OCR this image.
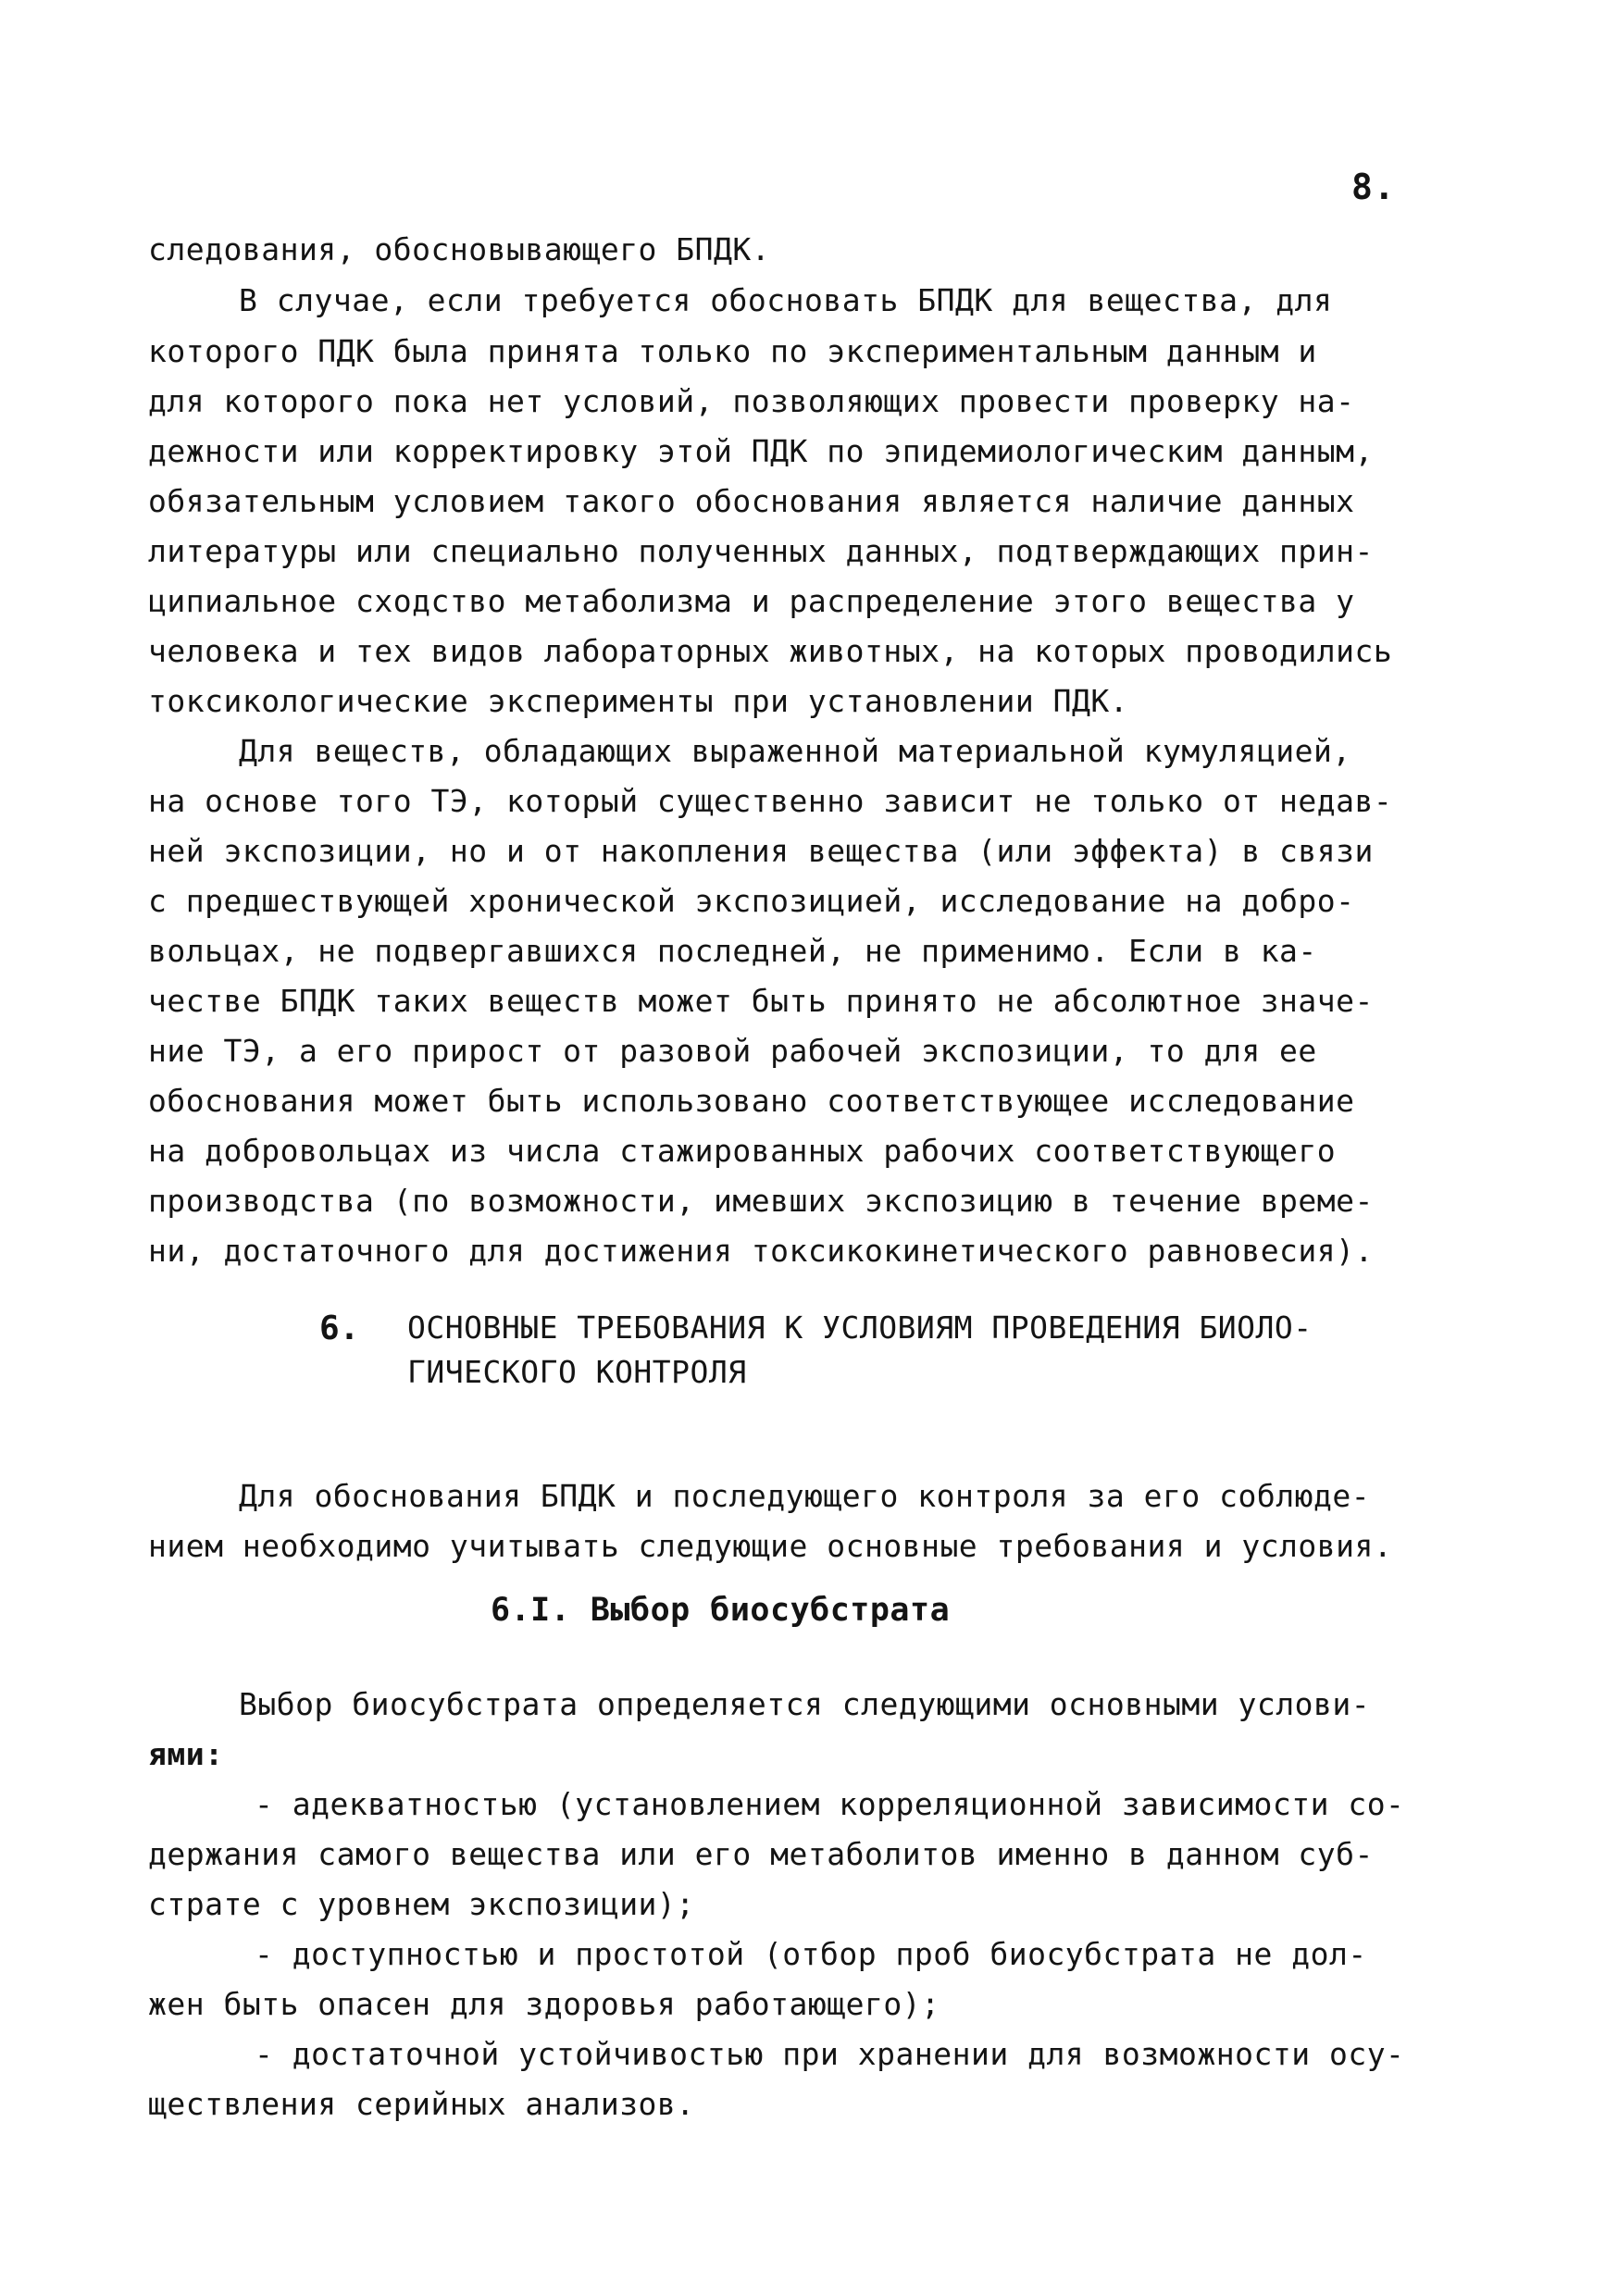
8.
следования, обосновывающего БПДК.
В случае, если требуется обосновать БПДК для вещества, для
которого ПДК была принята только по экспериментальным данным и
для которого пока нет условий, позволяющих провести проверку на-
дежности или корректировку этой ПДК по эпидемиологическим данным,
обязательным условием такого обоснования является наличие данных
литературы или специально полученных данных, подтверждающих прин-
ципиальное сходство метаболизма и распределение этого вещества у
человека и тех видов лабораторных животных, на которых проводились
токсикологические эксперименты при установлении ПДК.
Для веществ, обладающих выраженной материальной кумуляцией,
на основе того ТЭ, который существенно зависит не только от недав-
ней экспозиции, но и от накопления вещества (или эффекта) в связи
с предшествующей хронической экспозицией, исследование на добро-
вольцах, не подвергавшихся последней, не применимо. Если в ка-
честве БПДК таких веществ может быть принято не абсолютное значе-
ние ТЭ, а его прирост от разовой рабочей экспозиции, то для ее
обоснования может быть использовано соответствующее исследование
на добровольцах из числа стажированных рабочих соответствующего
производства (по возможности, имевших экспозицию в течение време-
ни, достаточного для достижения токсикокинетического равновесия).
6. ОСНОВНЫЕ ТРЕБОВАНИЯ К УСЛОВИЯМ ПРОВЕДЕНИЯ БИОЛО-
ГИЧЕСКОГО КОНТРОЛЯ
Для обоснования БПДК и последующего контроля за его соблюде-
нием необходимо учитывать следующие основные требования и условия.
6.I. Выбор биосубстрата
Выбор биосубстрата определяется следующими основными услови-
ями:
- адекватностью (установлением корреляционной зависимости со-
держания самого вещества или его метаболитов именно в данном суб-
страте с уровнем экспозиции);
- доступностью и простотой (отбор проб биосубстрата не дол-
жен быть опасен для здоровья работающего);
- достаточной устойчивостью при хранении для возможности осу-
ществления серийных анализов.
